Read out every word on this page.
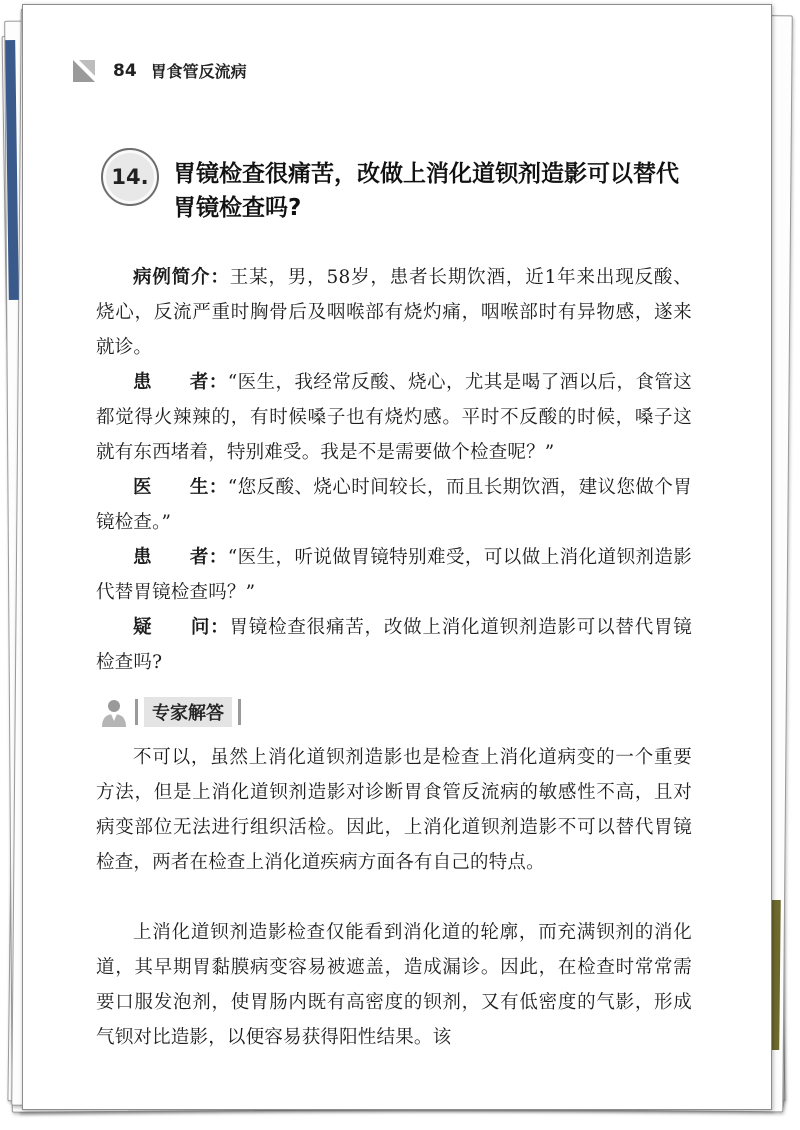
84 胃食管反流病
14.	胃镜检查很痛苦，改做上消化道钡剂造影可以替代胃镜检查吗?

病例简介：王某，男，58岁，患者长期饮酒，近1年来出现反酸、烧心，反流严重时胸骨后及咽喉部有烧灼痛，咽喉部时有异物感，遂来就诊。

患　　者：“医生，我经常反酸、烧心，尤其是喝了酒以后，食管这都觉得火辣辣的，有时候嗓子也有烧灼感。平时不反酸的时候，嗓子这就有东西堵着，特别难受。我是不是需要做个检查呢？”

医　　生：“您反酸、烧心时间较长，而且长期饮酒，建议您做个胃镜检查。”

患　　者：“医生，听说做胃镜特别难受，可以做上消化道钡剂造影代替胃镜检查吗？”

疑　　问：胃镜检查很痛苦，改做上消化道钡剂造影可以替代胃镜检查吗?

专家解答

不可以，虽然上消化道钡剂造影也是检查上消化道病变的一个重要方法，但是上消化道钡剂造影对诊断胃食管反流病的敏感性不高，且对病变部位无法进行组织活检。因此，上消化道钡剂造影不可以替代胃镜检查，两者在检查上消化道疾病方面各有自己的特点。

上消化道钡剂造影检查仅能看到消化道的轮廓，而充满钡剂的消化道，其早期胃黏膜病变容易被遮盖，造成漏诊。因此，在检查时常常需要口服发泡剂，使胃肠内既有高密度的钡剂，又有低密度的气影，形成气钡对比造影，以便容易获得阳性结果。该
